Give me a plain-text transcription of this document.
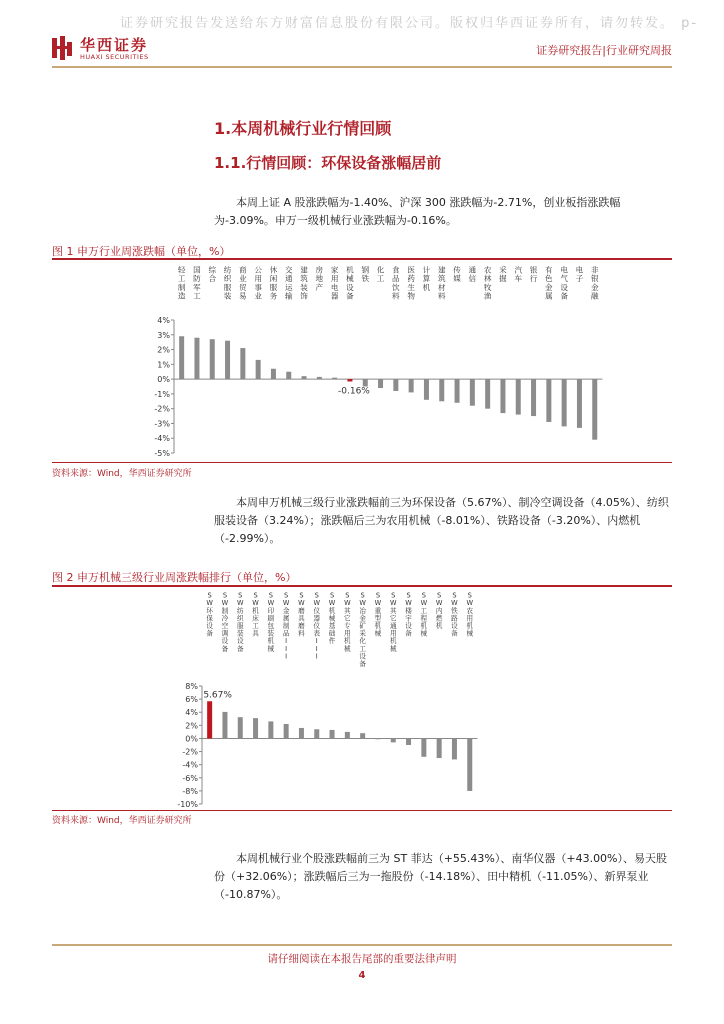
证券研究报告发送给东方财富信息股份有限公司。版权归华西证券所有，请勿转发。 p-
华西证券
HUAXI SECURITIES	证券研究报告|行业研究周报
1.本周机械行业行情回顾
1.1.行情回顾：环保设备涨幅居前
本周上证 A 股涨跌幅为-1.40%、沪深 300 涨跌幅为-2.71%，创业板指涨跌幅为-3.09%。申万一级机械行业涨跌幅为-0.16%。
图 1 申万行业周涨跌幅（单位，%）
4%
3%
2%
1%
0%
-1%
-2%
-3%
-4%
-5%
轻工制造
国防军工
综合
纺织服装
商业贸易
公用事业
休闲服务
交通运输
建筑装饰
房地产
家用电器
机械设备
钢铁
化工
食品饮料
医药生物
计算机
建筑材料
传媒
通信
农林牧渔
采掘
汽车
银行
有色金属
电气设备
电子
非银金融
-0.16%
资料来源：Wind，华西证券研究所
本周申万机械三级行业涨跌幅前三为环保设备（5.67%）、制冷空调设备（4.05%）、纺织服装设备（3.24%）；涨跌幅后三为农用机械（-8.01%）、铁路设备（-3.20%）、内燃机（-2.99%）。
图 2 申万机械三级行业周涨跌幅排行（单位，%）
8%
6%
4%
2%
0%
-2%
-4%
-6%
-8%
-10%
S W 环保设备
S W 制冷空调设备
S W 纺织服装设备
S W 机床工具
S W 印刷包装机械
S W 金属制品 I I I
S W 磨具磨料
S W 仪器仪表 I I I
S W 机械基础件
S W 其它专用机械
S W 冶金矿采化工设备
S W 重型机械
S W 其它通用机械
S W 楼宇设备
S W 工程机械
S W 内燃机
S W 铁路设备
S W 农用机械
5.67%
资料来源：Wind，华西证券研究所
本周机械行业个股涨跌幅前三为 ST 菲达（+55.43%）、南华仪器（+43.00%）、易天股份（+32.06%）；涨跌幅后三为一拖股份（-14.18%）、田中精机（-11.05%）、新界泵业（-10.87%）。
请仔细阅读在本报告尾部的重要法律声明
4
